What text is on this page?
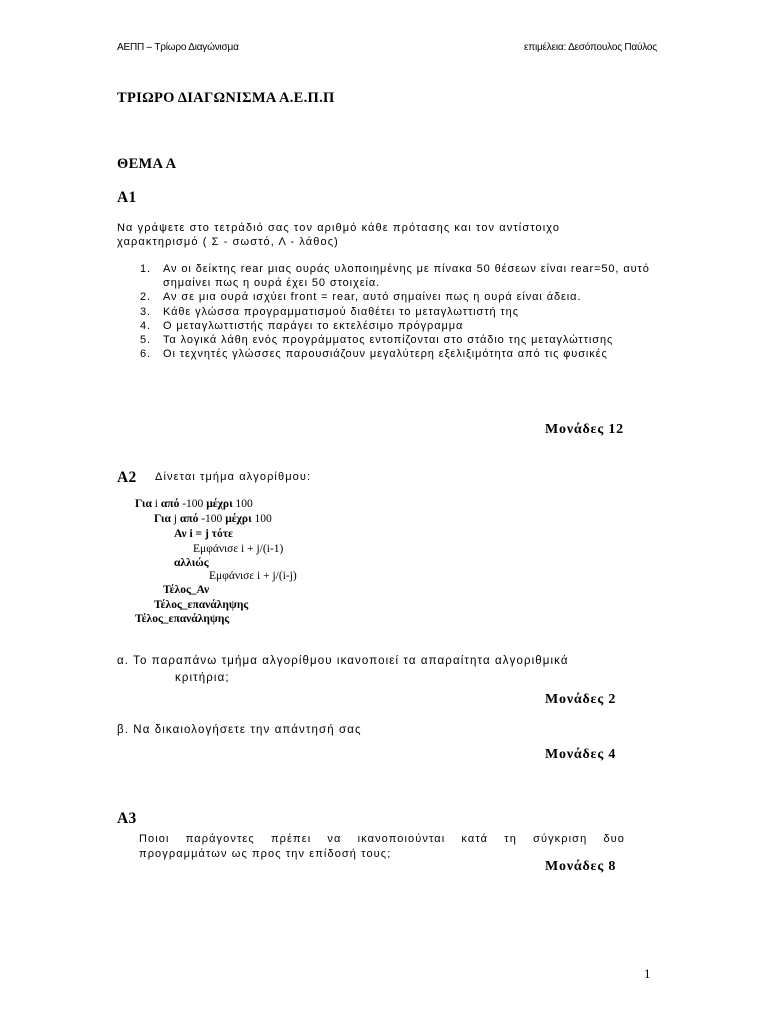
ΑΕΠΠ – Τρίωρο Διαγώνισμα	επιμέλεια: Δεσόπουλος Παύλος
ΤΡΙΩΡΟ ΔΙΑΓΩΝΙΣΜΑ Α.Ε.Π.Π
ΘΕΜΑ Α
Α1
Να γράψετε στο τετράδιό σας τον αριθμό κάθε πρότασης και τον αντίστοιχο
χαρακτηρισμό ( Σ - σωστό, Λ - λάθος)
1. Αν οι δείκτης rear μιας ουράς υλοποιημένης με πίνακα 50 θέσεων είναι rear=50, αυτό σημαίνει πως η ουρά έχει 50 στοιχεία.
2. Αν σε μια ουρά ισχύει front = rear, αυτό σημαίνει πως η ουρά είναι άδεια.
3. Κάθε γλώσσα προγραμματισμού διαθέτει το μεταγλωττιστή της
4. Ο μεταγλωττιστής παράγει το εκτελέσιμο πρόγραμμα
5. Τα λογικά λάθη ενός προγράμματος εντοπίζονται στο στάδιο της μεταγλώττισης
6. Οι τεχνητές γλώσσες παρουσιάζουν μεγαλύτερη εξελιξιμότητα από τις φυσικές
Μονάδες 12
Α2 Δίνεται τμήμα αλγορίθμου:
Για i από -100 μέχρι 100
Για j από -100 μέχρι 100
Αν i = j τότε
Εμφάνισε i + j/(i-1)
αλλιώς
Εμφάνισε i + j/(i-j)
Τέλος_Αν
Τέλος_επανάληψης
Τέλος_επανάληψης
α. Το παραπάνω τμήμα αλγορίθμου ικανοποιεί τα απαραίτητα αλγοριθμικά
κριτήρια;
Μονάδες 2
β. Να δικαιολογήσετε την απάντησή σας
Μονάδες 4
Α3
Ποιοι παράγοντες πρέπει να ικανοποιούνται κατά τη σύγκριση δυο
προγραμμάτων ως προς την επίδοσή τους;
Μονάδες 8
1
